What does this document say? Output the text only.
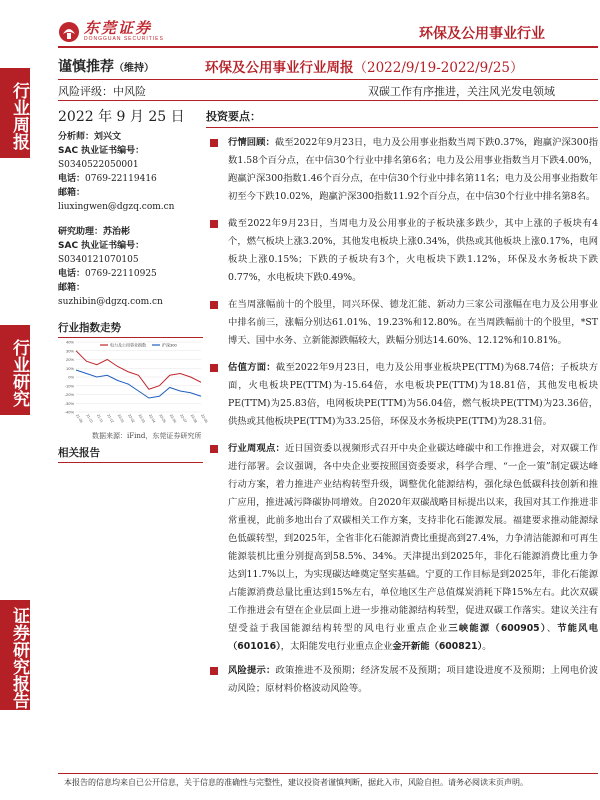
东莞证券
DONGGUAN SECURITIES	环保及公用事业行业
行业周报
行业研究
证券研究报告
谨慎推荐（维持）	环保及公用事业行业周报（2022/9/19-2022/9/25）
风险评级：中风险	双碳工作有序推进，关注风光发电领域
2022 年 9 月 25 日
分析师：刘兴文
SAC 执业证书编号：
S0340522050001
电话：0769-22119416
邮箱：
liuxingwen@dgzq.com.cn
研究助理：苏治彬
SAC 执业证书编号：
S0340121070105
电话：0769-22110925
邮箱：
suzhibin@dgzq.com.cn
行业指数走势
40%
30%
20%
10%
0%
-10%
-20%
-30%
-40%
21-09 21-10 21-11 21-12 22-01 22-02 22-03 22-04 22-05 22-06 22-07 22-08 22-09
电力及公用事业指数	沪深300
数据来源：iFind，东莞证券研究所
相关报告
投资要点：
行情回顾：截至2022年9月23日，电力及公用事业指数当周下跌0.37%，跑赢沪深300指数1.58个百分点，在中信30个行业中排名第6名；电力及公用事业指数当月下跌4.00%，跑赢沪深300指数1.46个百分点，在中信30个行业中排名第11名；电力及公用事业指数年初至今下跌10.02%，跑赢沪深300指数11.92个百分点，在中信30个行业中排名第8名。
截至2022年9月23日，当周电力及公用事业的子板块涨多跌少，其中上涨的子板块有4个，燃气板块上涨3.20%，其他发电板块上涨0.34%，供热或其他板块上涨0.17%，电网板块上涨0.15%；下跌的子板块有3个，火电板块下跌1.12%，环保及水务板块下跌0.77%，水电板块下跌0.49%。
在当周涨幅前十的个股里，同兴环保、德龙汇能、新动力三家公司涨幅在电力及公用事业中排名前三，涨幅分别达61.01%、19.23%和12.80%。在当周跌幅前十的个股里，*ST博天、国中水务、立新能源跌幅较大，跌幅分别达14.60%、12.12%和10.81%。
估值方面：截至2022年9月23日，电力及公用事业板块PE(TTM)为68.74倍；子板块方面，火电板块PE(TTM)为-15.64倍，水电板块PE(TTM)为18.81倍，其他发电板块PE(TTM)为25.83倍，电网板块PE(TTM)为56.04倍，燃气板块PE(TTM)为23.36倍，供热或其他板块PE(TTM)为33.25倍，环保及水务板块PE(TTM)为28.31倍。
行业周观点：近日国资委以视频形式召开中央企业碳达峰碳中和工作推进会，对双碳工作进行部署。会议强调，各中央企业要按照国资委要求，科学合理、“一企一策”制定碳达峰行动方案，着力推进产业结构转型升级，调整优化能源结构，强化绿色低碳科技创新和推广应用，推进减污降碳协同增效。自2020年双碳战略目标提出以来，我国对其工作推进非常重视，此前多地出台了双碳相关工作方案，支持非化石能源发展。福建要求推动能源绿色低碳转型，到2025年，全省非化石能源消费比重提高到27.4%，力争清洁能源和可再生能源装机比重分别提高到58.5%、34%。天津提出到2025年，非化石能源消费比重力争达到11.7%以上，为实现碳达峰奠定坚实基础。宁夏的工作目标是到2025年，非化石能源占能源消费总量比重达到15%左右，单位地区生产总值煤炭消耗下降15%左右。此次双碳工作推进会有望在企业层面上进一步推动能源结构转型，促进双碳工作落实。建议关注有望受益于我国能源结构转型的风电行业重点企业三峡能源（600905）、节能风电（601016），太阳能发电行业重点企业金开新能（600821）。
风险提示：政策推进不及预期；经济发展不及预期；项目建设进度不及预期；上网电价波动风险；原材料价格波动风险等。
本报告的信息均来自已公开信息，关于信息的准确性与完整性，建议投资者谨慎判断，据此入市，风险自担。请务必阅读末页声明。
